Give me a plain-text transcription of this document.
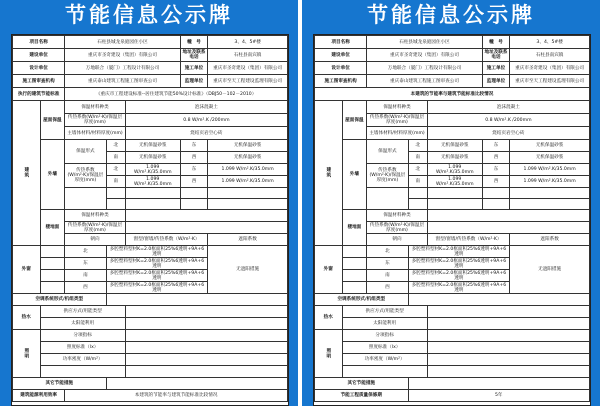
节能信息公示牌
项目名称		石柱县城龙泉庭园住小区			幢　号	3、4、5#楼
建设单位		重庆市圣奇建设（集团）有限公司			地址及联系电话	石柱县南宾镇
设计单位		万地联合（厦门）工程设计有限公司			施工单位	重庆市圣奇建设（集团）有限公司
施工图审查机构		重庆泰山建筑工程施工图审查公司			监理单位	重庆市至天工程建设监理有限公司
执行的建筑节能标准		《重庆市工程建设标准--居住建筑节能50%设计标准》（DBJ50－102－2010）				
建筑	屋面保温	保温材料种类		泡沫混凝土		
		传热系数(W/m²·K)/保温层厚度(mm)		0.8 W/m².K /200mm		
		主墙体材料/材料厚度(mm)		烧结页岩空心砖		
	外墙	保温形式	北	无机保温砂浆	东	无机保温砂浆
			南	无机保温砂浆	西	无机保温砂浆
		传热系数(W/m²·K)/保温层厚度(mm)	北	1.099 W/m².K/35.0mm	东	1.099 W/m².K/35.0mm
			南	1.099 W/m².K/35.0mm	西	1.099 W/m².K/35.0mm

	楼地面	保温材料种类				
		传热系数(W/m²·K)/保温层厚度(mm)				
		朝向		窗型/窗墙/传热系数（W/m²·K）		遮阳系数
外窗		北	多腔塑料型材K=2.0框面积25%6透明+9A+6透明			无遮阳措施
		东	多腔塑料型材K=2.0框面积25%6透明+9A+6透明			
		南	多腔塑料型材K=2.0框面积25%6透明+9A+6透明			
		西	多腔塑料型材K=2.0框面积25%6透明+9A+6透明			
空调系统形式/机组类型						
热水	供应方式/用能类型					
	太阳能利用					
照明	分项指标					
	照度标准（lx）					
	功率密度（W/m²）					

其它节能措施						
建筑能源利用效率		本建筑的节能率与建筑节能标准比较情况				
节能信息公示牌
项目名称		石柱县城龙泉庭园住小区			幢　号	3、4、5#楼
建设单位		重庆市圣奇建设（集团）有限公司			地址及联系电话	石柱县南宾镇
设计单位		万地联合（厦门）工程设计有限公司			施工单位	重庆市圣奇建设（集团）有限公司
施工图审查机构		重庆泰山建筑工程施工图审查公司			监理单位	重庆市至天工程建设监理有限公司
本建筑的节能率与建筑节能标准比较情况						
建筑	屋面保温	保温材料种类		泡沫混凝土		
		传热系数(W/m²·K)/保温层厚度(mm)		0.8 W/m².K /200mm		
		主墙体材料/材料厚度(mm)		烧结页岩空心砖		
	外墙	保温形式	北	无机保温砂浆	东	无机保温砂浆
			南	无机保温砂浆	西	无机保温砂浆
		传热系数(W/m²·K)/保温层厚度(mm)	北	1.099 W/m².K/35.0mm	东	1.099 W/m².K/35.0mm
			南	1.099 W/m².K/35.0mm	西	1.099 W/m².K/35.0mm

	楼地面	保温材料种类				
		传热系数(W/m²·K)/保温层厚度(mm)				
		朝向		窗型/窗墙/传热系数（W/m²·K）		遮阳系数
外窗		北	多腔塑料型材K=2.0框面积25%6透明+9A+6透明			无遮阳措施
		东	多腔塑料型材K=2.0框面积25%6透明+9A+6透明			
		南	多腔塑料型材K=2.0框面积25%6透明+9A+6透明			
		西	多腔塑料型材K=2.0框面积25%6透明+9A+6透明			
空调系统形式/机组类型						
热水	供应方式/用能类型					
	太阳能利用					
照明	分项指标					
	照度标准（lx）					
	功率密度（W/m²）					

其它节能措施						
节能工程质量保修期			5年			
